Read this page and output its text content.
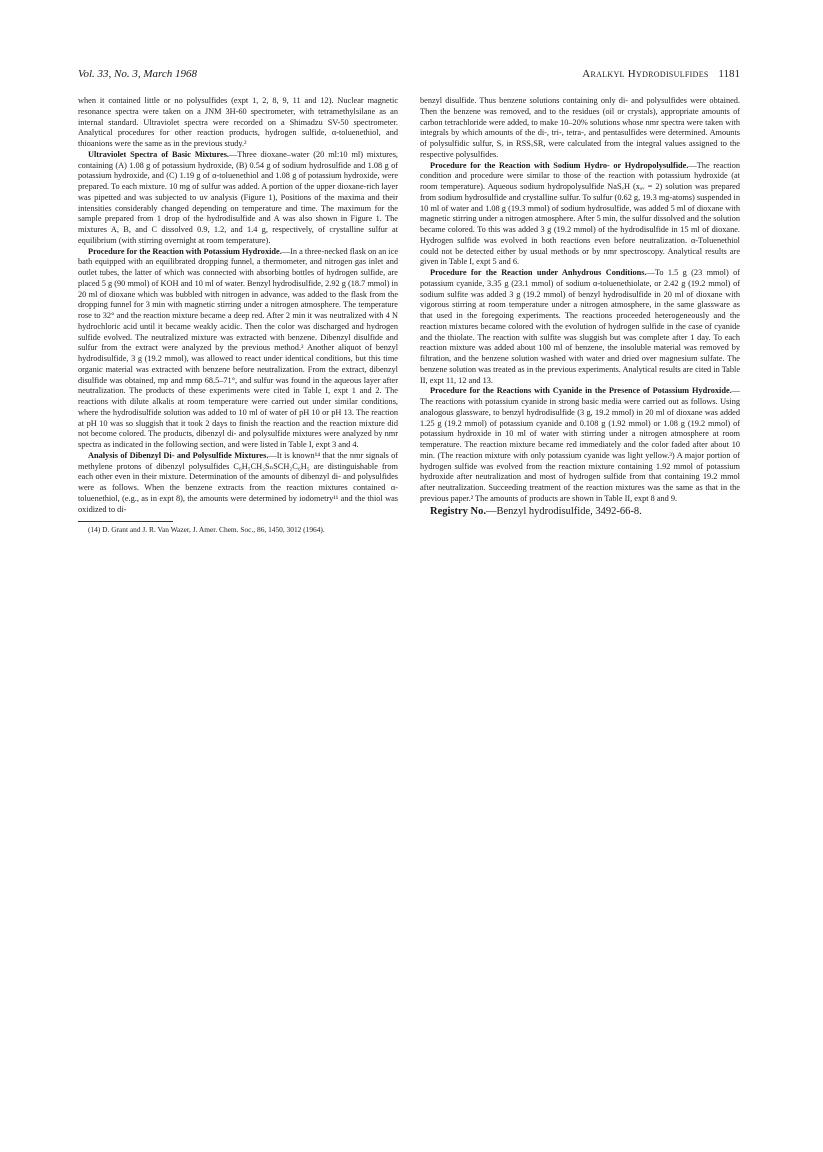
Vol. 33, No. 3, March 1968	Aralkyl Hydrodisulfides 1181

when it contained little or no polysulfides (expt 1, 2, 8, 9, 11 and 12). Nuclear magnetic resonance spectra were taken on a JNM 3H-60 spectrometer, with tetramethylsilane as an internal standard. Ultraviolet spectra were recorded on a Shimadzu SV-50 spectrometer. Analytical procedures for other reaction products, hydrogen sulfide, α-toluenethiol, and thioanions were the same as in the previous study.²

Ultraviolet Spectra of Basic Mixtures.—Three dioxane–water (20 ml:10 ml) mixtures, containing (A) 1.08 g of potassium hydroxide, (B) 0.54 g of sodium hydrosulfide and 1.08 g of potassium hydroxide, and (C) 1.19 g of α-toluenethiol and 1.08 g of potassium hydroxide, were prepared. To each mixture. 10 mg of sulfur was added. A portion of the upper dioxane-rich layer was pipetted and was subjected to uv analysis (Figure 1), Positions of the maxima and their intensities considerably changed depending on temperature and time. The maximum for the sample prepared from 1 drop of the hydrodisulfide and A was also shown in Figure 1. The mixtures A, B, and C dissolved 0.9, 1.2, and 1.4 g, respectively, of crystalline sulfur at equilibrium (with stirring overnight at room temperature).

Procedure for the Reaction with Potassium Hydroxide.—In a three-necked flask on an ice bath equipped with an equilibrated dropping funnel, a thermometer, and nitrogen gas inlet and outlet tubes, the latter of which was connected with absorbing bottles of hydrogen sulfide, are placed 5 g (90 mmol) of KOH and 10 ml of water. Benzyl hydrodisulfide, 2.92 g (18.7 mmol) in 20 ml of dioxane which was bubbled with nitrogen in advance, was added to the flask from the dropping funnel for 3 min with magnetic stirring under a nitrogen atmosphere. The temperature rose to 32° and the reaction mixture became a deep red. After 2 min it was neutralized with 4 N hydrochloric acid until it became weakly acidic. Then the color was discharged and hydrogen sulfide evolved. The neutralized mixture was extracted with benzene. Dibenzyl disulfide and sulfur from the extract were analyzed by the previous method.² Another aliquot of benzyl hydrodisulfide, 3 g (19.2 mmol), was allowed to react under identical conditions, but this time organic material was extracted with benzene before neutralization. From the extract, dibenzyl disulfide was obtained, mp and mmp 68.5–71°, and sulfur was found in the aqueous layer after neutralization. The products of these experiments were cited in Table I, expt 1 and 2. The reactions with dilute alkalis at room temperature were carried out under similar conditions, where the hydrodisulfide solution was added to 10 ml of water of pH 10 or pH 13. The reaction at pH 10 was so sluggish that it took 2 days to finish the reaction and the reaction mixture did not become colored. The products, dibenzyl di- and polysulfide mixtures were analyzed by nmr spectra as indicated in the following section, and were listed in Table I, expt 3 and 4.

Analysis of Dibenzyl Di- and Polysulfide Mixtures.—It is known¹⁴ that the nmr signals of methylene protons of dibenzyl polysulfides C₆H₅CH₂SₙSCH₂C₆H₅ are distinguishable from each other even in their mixture. Determination of the amounts of dibenzyl di- and polysulfides were as follows. When the benzene extracts from the reaction mixtures contained α-toluenethiol, (e.g., as in expt 8), the amounts were determined by iodometry¹¹ and the thiol was oxidized to di-

(14) D. Grant and J. R. Van Wazer, J. Amer. Chem. Soc., 86, 1450, 3012 (1964).

benzyl disulfide. Thus benzene solutions containing only di- and polysulfides were obtained. Then the benzene was removed, and to the residues (oil or crystals), appropriate amounts of carbon tetrachloride were added, to make 10–20% solutions whose nmr spectra were taken with integrals by which amounts of the di-, tri-, tetra-, and pentasulfides were determined. Amounts of polysulfidic sulfur, Sₓ in RSSₓSR, were calculated from the integral values assigned to the respective polysulfides.

Procedure for the Reaction with Sodium Hydro- or Hydropolysulfide.—The reaction condition and procedure were similar to those of the reaction with potassium hydroxide (at room temperature). Aqueous sodium hydropolysulfide NaSₓH (xₐᵥ = 2) solution was prepared from sodium hydrosulfide and crystalline sulfur. To sulfur (0.62 g, 19.3 mg-atoms) suspended in 10 ml of water and 1.08 g (19.3 mmol) of sodium hydrosulfide, was added 5 ml of dioxane with magnetic stirring under a nitrogen atmosphere. After 5 min, the sulfur dissolved and the solution became colored. To this was added 3 g (19.2 mmol) of the hydrodisulfide in 15 ml of dioxane. Hydrogen sulfide was evolved in both reactions even before neutralization. α-Toluenethiol could not be detected either by usual methods or by nmr spectroscopy. Analytical results are given in Table I, expt 5 and 6.

Procedure for the Reaction under Anhydrous Conditions.—To 1.5 g (23 mmol) of potassium cyanide, 3.35 g (23.1 mmol) of sodium α-toluenethiolate, or 2.42 g (19.2 mmol) of sodium sulfite was added 3 g (19.2 mmol) of benzyl hydrodisulfide in 20 ml of dioxane with vigorous stirring at room temperature under a nitrogen atmosphere, in the same glassware as that used in the foregoing experiments. The reactions proceeded heterogeneously and the reaction mixtures became colored with the evolution of hydrogen sulfide in the case of cyanide and the thiolate. The reaction with sulfite was sluggish but was complete after 1 day. To each reaction mixture was added about 100 ml of benzene, the insoluble material was removed by filtration, and the benzene solution washed with water and dried over magnesium sulfate. The benzene solution was treated as in the previous experiments. Analytical results are cited in Table II, expt 11, 12 and 13.

Procedure for the Reactions with Cyanide in the Presence of Potassium Hydroxide.—The reactions with potassium cyanide in strong basic media were carried out as follows. Using analogous glassware, to benzyl hydrodisulfide (3 g, 19.2 mmol) in 20 ml of dioxane was added 1.25 g (19.2 mmol) of potassium cyanide and 0.108 g (1.92 mmol) or 1.08 g (19.2 mmol) of potassium hydroxide in 10 ml of water with stirring under a nitrogen atmosphere at room temperature. The reaction mixture became red immediately and the color faded after about 10 min. (The reaction mixture with only potassium cyanide was light yellow.³) A major portion of hydrogen sulfide was evolved from the reaction mixture containing 1.92 mmol of potassium hydroxide after neutralization and most of hydrogen sulfide from that containing 19.2 mmol after neutralization. Succeeding treatment of the reaction mixtures was the same as that in the previous paper.² The amounts of products are shown in Table II, expt 8 and 9.

Registry No.—Benzyl hydrodisulfide, 3492-66-8.
